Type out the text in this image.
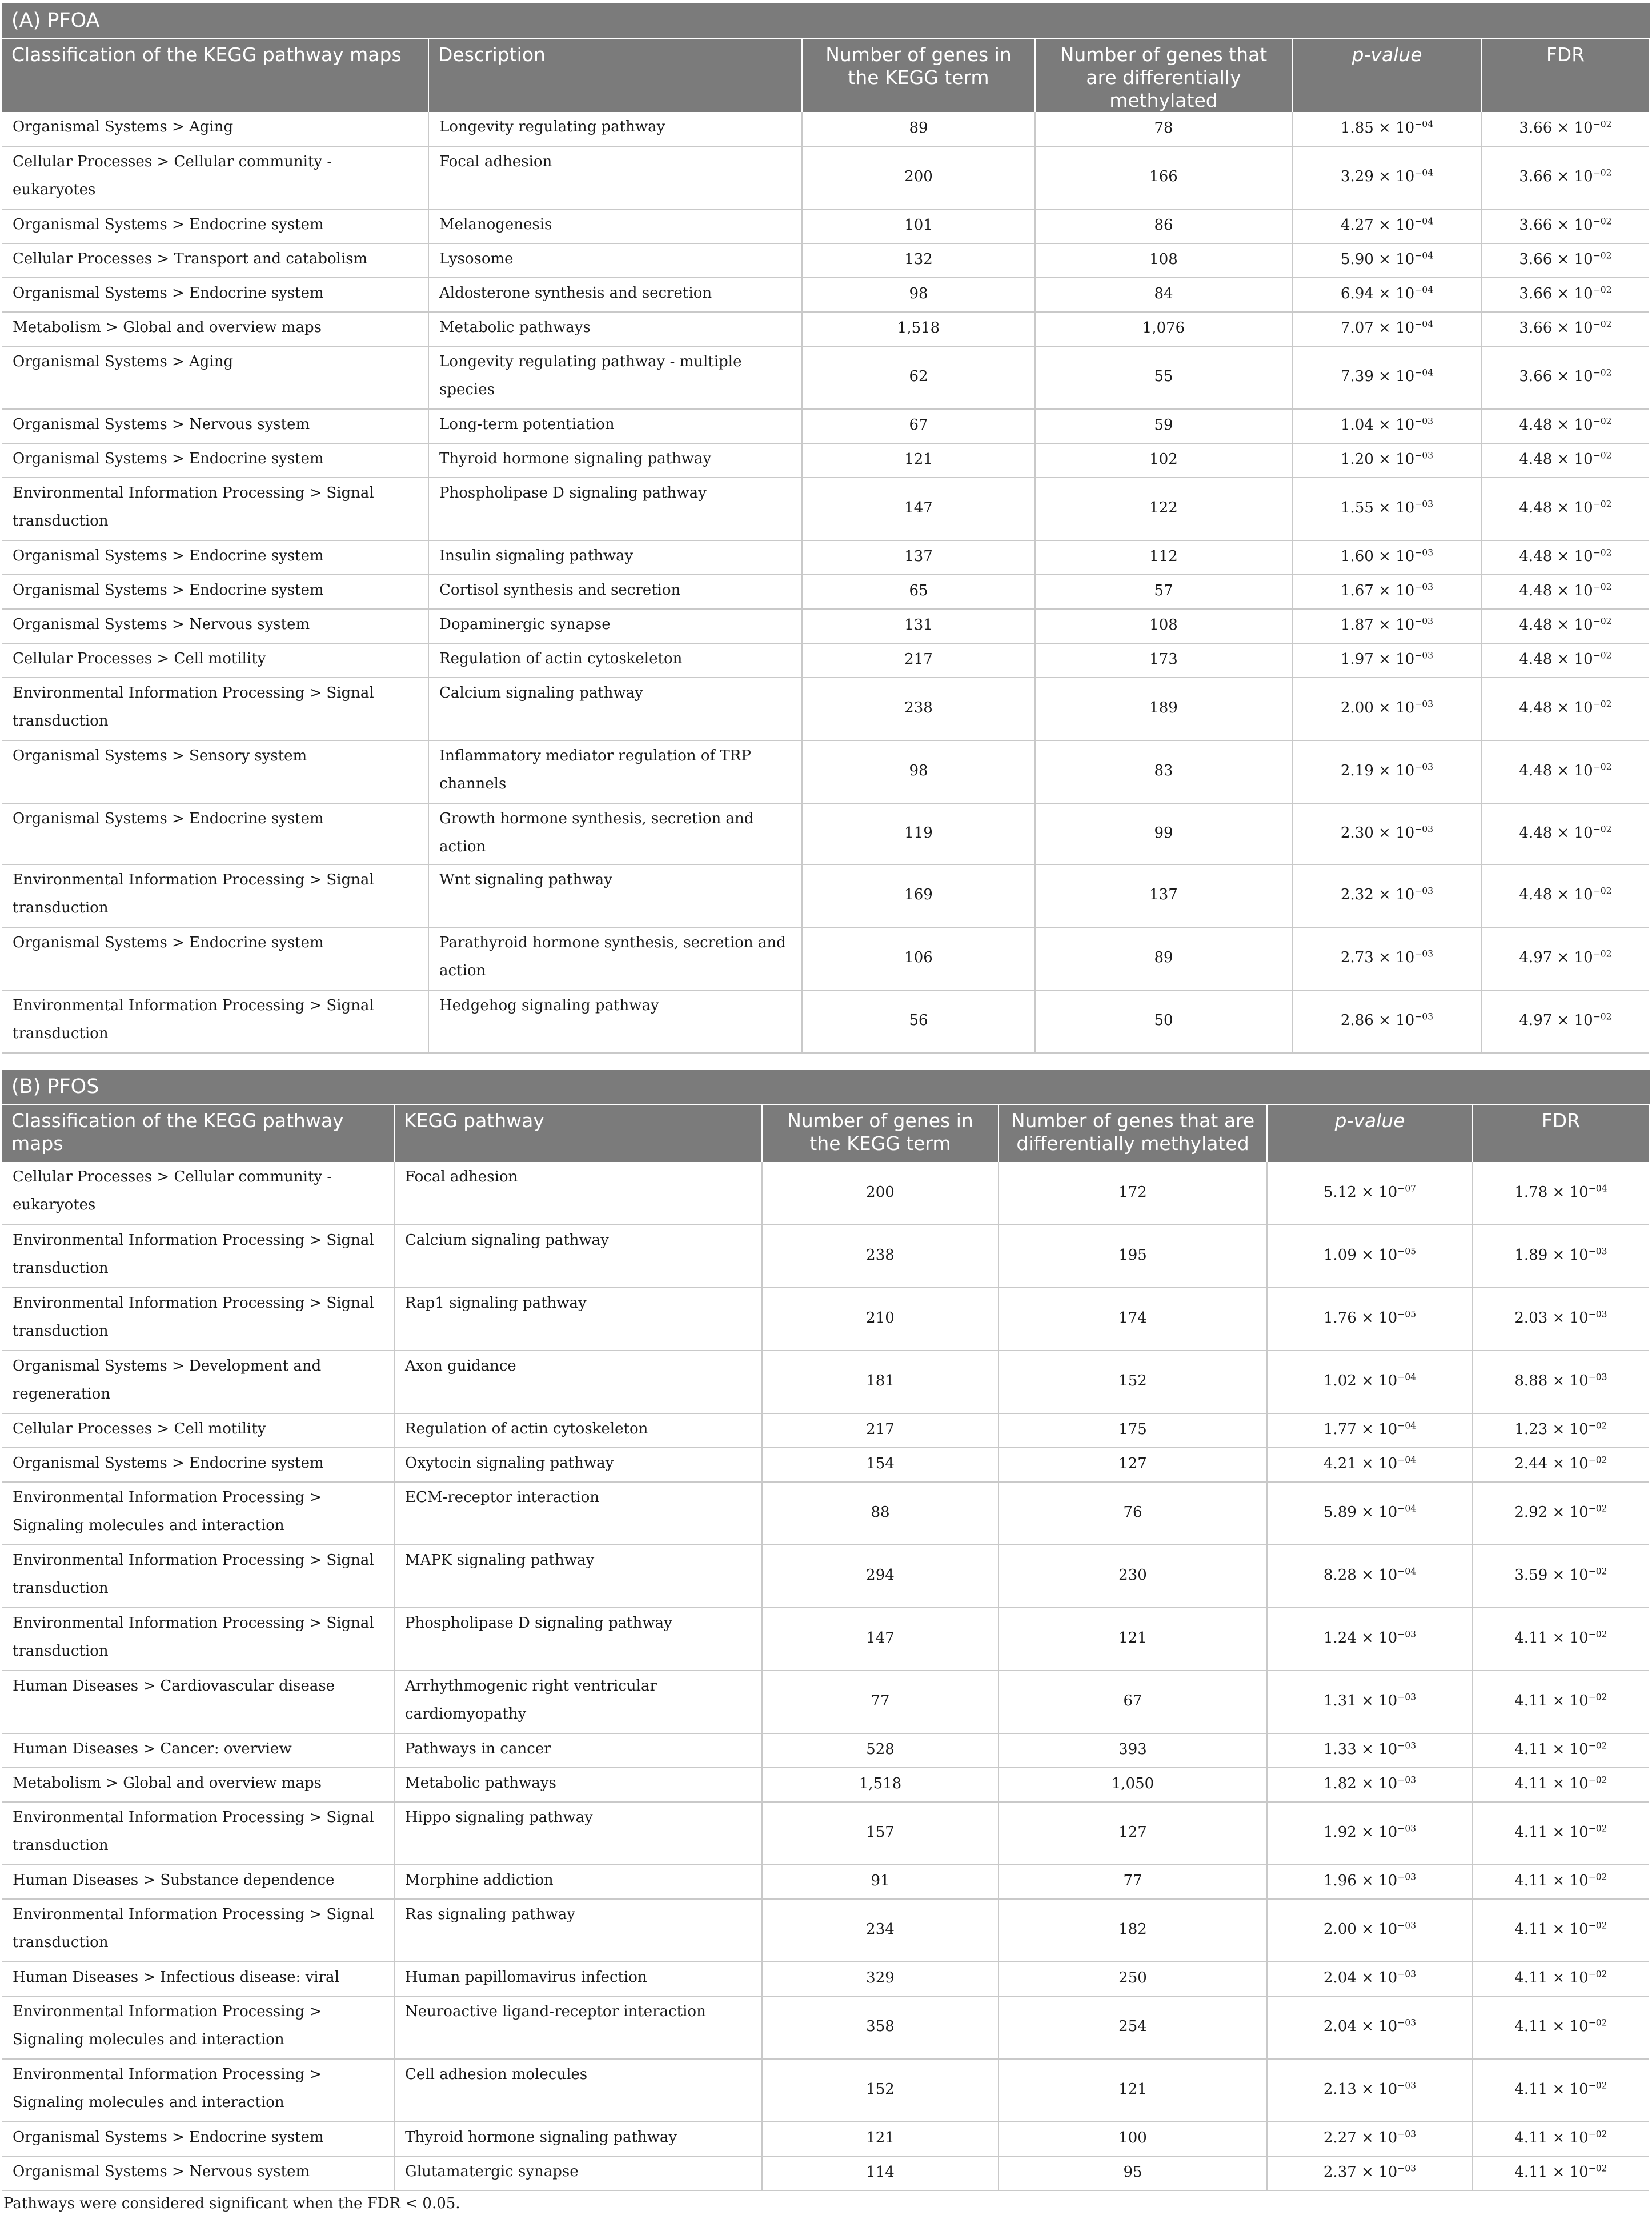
(A) PFOA
Classification of the KEGG pathway maps	Description	Number of genes in the KEGG term	Number of genes that are differentially methylated	p-value	FDR
Organismal Systems > Aging	Longevity regulating pathway	89	78	$1.85 \times 10^{-04}$	$3.66 \times 10^{-02}$
Cellular Processes > Cellular community - eukaryotes	Focal adhesion	200	166	$3.29 \times 10^{-04}$	$3.66 \times 10^{-02}$
Organismal Systems > Endocrine system	Melanogenesis	101	86	$4.27 \times 10^{-04}$	$3.66 \times 10^{-02}$
Cellular Processes > Transport and catabolism	Lysosome	132	108	$5.90 \times 10^{-04}$	$3.66 \times 10^{-02}$
Organismal Systems > Endocrine system	Aldosterone synthesis and secretion	98	84	$6.94 \times 10^{-04}$	$3.66 \times 10^{-02}$
Metabolism > Global and overview maps	Metabolic pathways	1,518	1,076	$7.07 \times 10^{-04}$	$3.66 \times 10^{-02}$
Organismal Systems > Aging	Longevity regulating pathway - multiple species	62	55	$7.39 \times 10^{-04}$	$3.66 \times 10^{-02}$
Organismal Systems > Nervous system	Long-term potentiation	67	59	$1.04 \times 10^{-03}$	$4.48 \times 10^{-02}$
Organismal Systems > Endocrine system	Thyroid hormone signaling pathway	121	102	$1.20 \times 10^{-03}$	$4.48 \times 10^{-02}$
Environmental Information Processing > Signal transduction	Phospholipase D signaling pathway	147	122	$1.55 \times 10^{-03}$	$4.48 \times 10^{-02}$
Organismal Systems > Endocrine system	Insulin signaling pathway	137	112	$1.60 \times 10^{-03}$	$4.48 \times 10^{-02}$
Organismal Systems > Endocrine system	Cortisol synthesis and secretion	65	57	$1.67 \times 10^{-03}$	$4.48 \times 10^{-02}$
Organismal Systems > Nervous system	Dopaminergic synapse	131	108	$1.87 \times 10^{-03}$	$4.48 \times 10^{-02}$
Cellular Processes > Cell motility	Regulation of actin cytoskeleton	217	173	$1.97 \times 10^{-03}$	$4.48 \times 10^{-02}$
Environmental Information Processing > Signal transduction	Calcium signaling pathway	238	189	$2.00 \times 10^{-03}$	$4.48 \times 10^{-02}$
Organismal Systems > Sensory system	Inflammatory mediator regulation of TRP channels	98	83	$2.19 \times 10^{-03}$	$4.48 \times 10^{-02}$
Organismal Systems > Endocrine system	Growth hormone synthesis, secretion and action	119	99	$2.30 \times 10^{-03}$	$4.48 \times 10^{-02}$
Environmental Information Processing > Signal transduction	Wnt signaling pathway	169	137	$2.32 \times 10^{-03}$	$4.48 \times 10^{-02}$
Organismal Systems > Endocrine system	Parathyroid hormone synthesis, secretion and action	106	89	$2.73 \times 10^{-03}$	$4.97 \times 10^{-02}$
Environmental Information Processing > Signal transduction	Hedgehog signaling pathway	56	50	$2.86 \times 10^{-03}$	$4.97 \times 10^{-02}$
(B) PFOS
Classification of the KEGG pathway maps	KEGG pathway	Number of genes in the KEGG term	Number of genes that are differentially methylated	p-value	FDR
Cellular Processes > Cellular community - eukaryotes	Focal adhesion	200	172	$5.12 \times 10^{-07}$	$1.78 \times 10^{-04}$
Environmental Information Processing > Signal transduction	Calcium signaling pathway	238	195	$1.09 \times 10^{-05}$	$1.89 \times 10^{-03}$
Environmental Information Processing > Signal transduction	Rap1 signaling pathway	210	174	$1.76 \times 10^{-05}$	$2.03 \times 10^{-03}$
Organismal Systems > Development and regeneration	Axon guidance	181	152	$1.02 \times 10^{-04}$	$8.88 \times 10^{-03}$
Cellular Processes > Cell motility	Regulation of actin cytoskeleton	217	175	$1.77 \times 10^{-04}$	$1.23 \times 10^{-02}$
Organismal Systems > Endocrine system	Oxytocin signaling pathway	154	127	$4.21 \times 10^{-04}$	$2.44 \times 10^{-02}$
Environmental Information Processing > Signaling molecules and interaction	ECM-receptor interaction	88	76	$5.89 \times 10^{-04}$	$2.92 \times 10^{-02}$
Environmental Information Processing > Signal transduction	MAPK signaling pathway	294	230	$8.28 \times 10^{-04}$	$3.59 \times 10^{-02}$
Environmental Information Processing > Signal transduction	Phospholipase D signaling pathway	147	121	$1.24 \times 10^{-03}$	$4.11 \times 10^{-02}$
Human Diseases > Cardiovascular disease	Arrhythmogenic right ventricular cardiomyopathy	77	67	$1.31 \times 10^{-03}$	$4.11 \times 10^{-02}$
Human Diseases > Cancer: overview	Pathways in cancer	528	393	$1.33 \times 10^{-03}$	$4.11 \times 10^{-02}$
Metabolism > Global and overview maps	Metabolic pathways	1,518	1,050	$1.82 \times 10^{-03}$	$4.11 \times 10^{-02}$
Environmental Information Processing > Signal transduction	Hippo signaling pathway	157	127	$1.92 \times 10^{-03}$	$4.11 \times 10^{-02}$
Human Diseases > Substance dependence	Morphine addiction	91	77	$1.96 \times 10^{-03}$	$4.11 \times 10^{-02}$
Environmental Information Processing > Signal transduction	Ras signaling pathway	234	182	$2.00 \times 10^{-03}$	$4.11 \times 10^{-02}$
Human Diseases > Infectious disease: viral	Human papillomavirus infection	329	250	$2.04 \times 10^{-03}$	$4.11 \times 10^{-02}$
Environmental Information Processing > Signaling molecules and interaction	Neuroactive ligand-receptor interaction	358	254	$2.04 \times 10^{-03}$	$4.11 \times 10^{-02}$
Environmental Information Processing > Signaling molecules and interaction	Cell adhesion molecules	152	121	$2.13 \times 10^{-03}$	$4.11 \times 10^{-02}$
Organismal Systems > Endocrine system	Thyroid hormone signaling pathway	121	100	$2.27 \times 10^{-03}$	$4.11 \times 10^{-02}$
Organismal Systems > Nervous system	Glutamatergic synapse	114	95	$2.37 \times 10^{-03}$	$4.11 \times 10^{-02}$
Pathways were considered significant when the FDR < 0.05.
